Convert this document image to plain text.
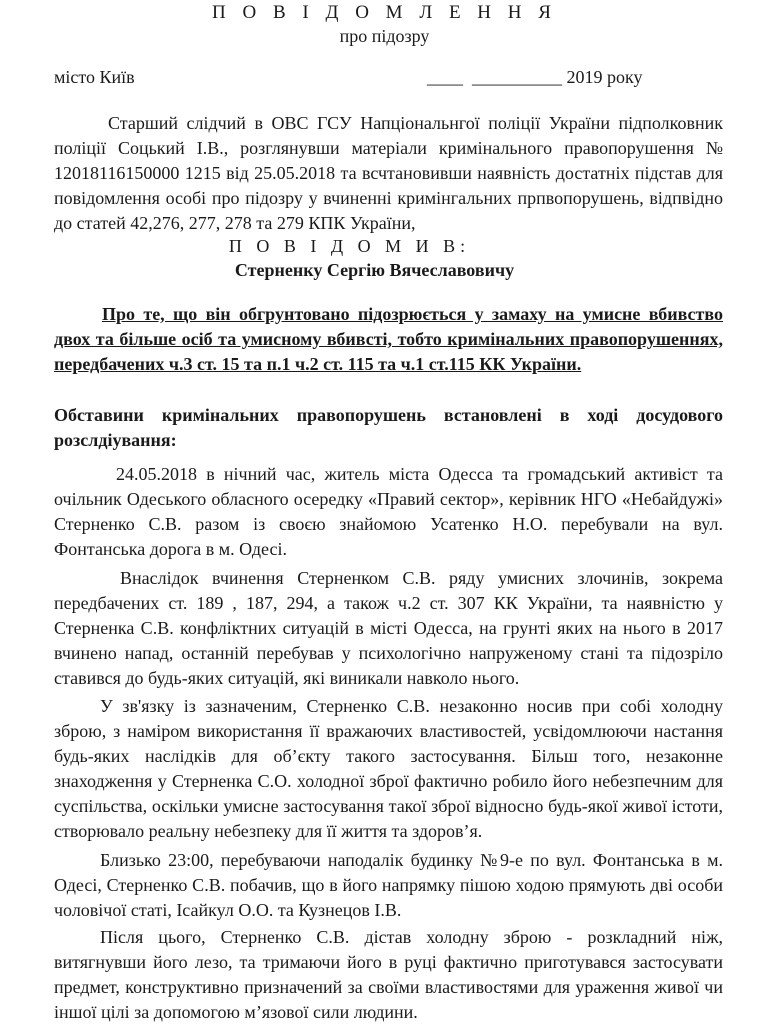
П О В І Д О М Л Е Н Н Я
про підозру
місто Київ	____  __________ 2019 року
Старший слідчий в ОВС ГСУ Напціональнгої поліції України підполковник поліції Соцький І.В., розглянувши матеріали кримінального правопорушення № 12018116150000 1215 від 25.05.2018 та всчтановивши наявність достатніх підстав для повідомлення особі про підозру у вчиненні кримінгальних прпвопорушень, відпвідно до статей 42,276, 277, 278 та 279 КПК України,
П О В І Д О М И В:
Стерненку Сергію Вячеславовичу
Про те, що він обгрунтовано підозрюється у замаху на умисне вбивство двох та більше осіб та умисному вбивсті, тобто кримінальних правопорушеннях, передбачених ч.3 ст. 15 та п.1 ч.2 ст. 115 та ч.1 ст.115 КК України.
Обставини кримінальних правопорушень встановлені в ході досудового розслдіування:
24.05.2018 в нічний час, житель міста Одесса та громадський активіст та очільник Одеського обласного осередку «Правий сектор», керівник НГО «Небайдужі» Стерненко С.В. разом із своєю знайомою Усатенко Н.О. перебували на вул. Фонтанська дорога в м. Одесі.
Внаслідок вчинення Стерненком С.В. ряду умисних злочинів, зокрема передбачених ст. 189 , 187, 294, а також ч.2 ст. 307 КК України, та наявністю у Стерненка С.В. конфліктних ситуацій в місті Одесса, на грунті яких на нього в 2017 вчинено напад, останній перебував у психологічно напруженому стані та підозріло ставився до будь-яких ситуацій, які виникали навколо нього.
У зв'язку із зазначеним, Стерненко С.В. незаконно носив при собі холодну зброю, з наміром використання її вражаючих властивостей, усвідомлюючи настання будь-яких наслідків для об’єкту такого застосування. Більш того, незаконне знаходження у Стерненка С.О. холодної зброї фактично робило його небезпечним для суспільства, оскільки умисне застосування такої зброї відносно будь-якої живої істоти, створювало реальну небезпеку для її життя та здоров’я.
Близько 23:00, перебуваючи наподалік будинку №9-е по вул. Фонтанська в м. Одесі, Стерненко С.В. побачив, що в його напрямку пішою ходою прямують дві особи чоловічої статі, Ісайкул О.О. та Кузнецов І.В.
Після цього, Стерненко С.В. дістав холодну зброю - розкладний ніж, витягнувши його лезо, та тримаючи його в руці фактично приготувався застосувати предмет, конструктивно призначений за своїми властивостями для ураження живої чи іншої цілі за допомогою м’язової сили людини.
